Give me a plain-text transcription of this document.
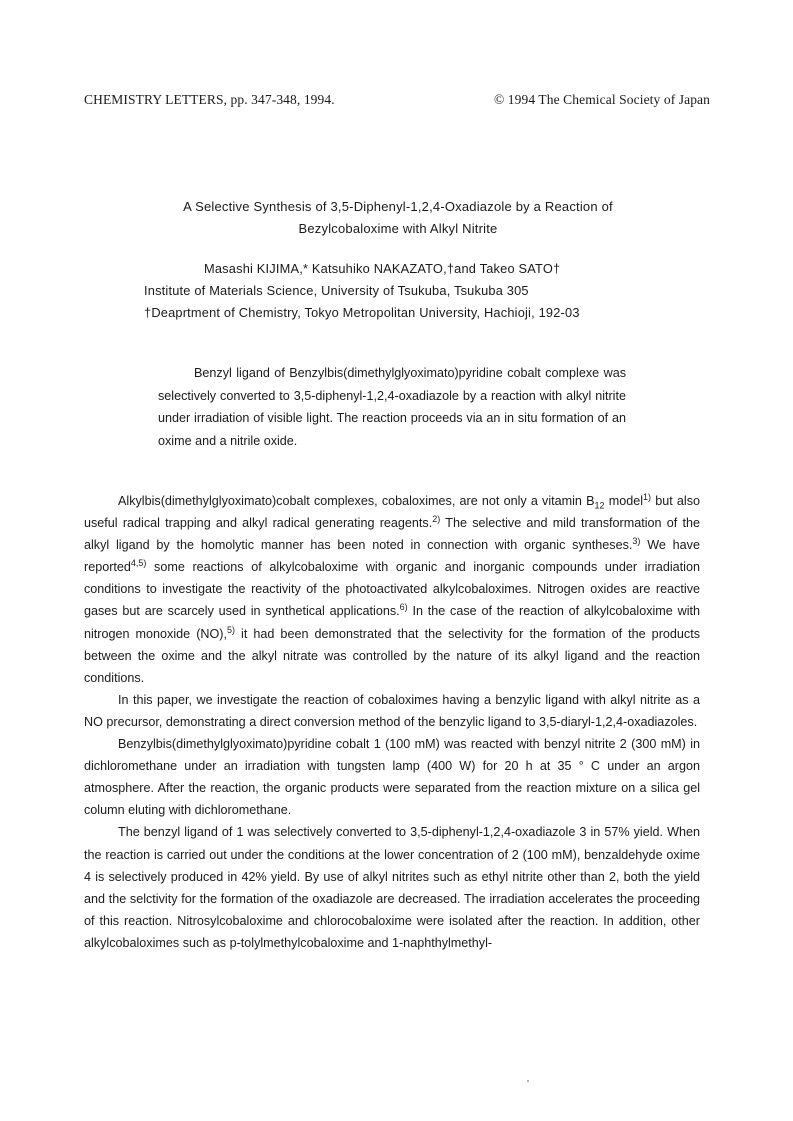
CHEMISTRY LETTERS, pp. 347-348, 1994.	© 1994 The Chemical Society of Japan
A Selective Synthesis of 3,5-Diphenyl-1,2,4-Oxadiazole by a Reaction of
Bezylcobaloxime with Alkyl Nitrite
Masashi KIJIMA,* Katsuhiko NAKAZATO,†and Takeo SATO†
Institute of Materials Science, University of Tsukuba, Tsukuba 305
†Deaprtment of Chemistry, Tokyo Metropolitan University, Hachioji, 192-03

Benzyl ligand of Benzylbis(dimethylglyoximato)pyridine cobalt complexe was selectively converted to 3,5-diphenyl-1,2,4-oxadiazole by a reaction with alkyl nitrite under irradiation of visible light. The reaction proceeds via an in situ formation of an oxime and a nitrile oxide.

Alkylbis(dimethylglyoximato)cobalt complexes, cobaloximes, are not only a vitamin $B_{12}$ model$^{1)}$ but also useful radical trapping and alkyl radical generating reagents.$^{2)}$ The selective and mild transformation of the alkyl ligand by the homolytic manner has been noted in connection with organic syntheses.$^{3)}$ We have reported$^{4,5)}$ some reactions of alkylcobaloxime with organic and inorganic compounds under irradiation conditions to investigate the reactivity of the photoactivated alkylcobaloximes. Nitrogen oxides are reactive gases but are scarcely used in synthetical applications.$^{6)}$ In the case of the reaction of alkylcobaloxime with nitrogen monoxide (NO),$^{5)}$ it had been demonstrated that the selectivity for the formation of the products between the oxime and the alkyl nitrate was controlled by the nature of its alkyl ligand and the reaction conditions.

In this paper, we investigate the reaction of cobaloximes having a benzylic ligand with alkyl nitrite as a NO precursor, demonstrating a direct conversion method of the benzylic ligand to 3,5-diaryl-1,2,4-oxadiazoles.

Benzylbis(dimethylglyoximato)pyridine cobalt 1 (100 mM) was reacted with benzyl nitrite 2 (300 mM) in dichloromethane under an irradiation with tungsten lamp (400 W) for 20 h at 35 ° C under an argon atmosphere. After the reaction, the organic products were separated from the reaction mixture on a silica gel column eluting with dichloromethane.

The benzyl ligand of 1 was selectively converted to 3,5-diphenyl-1,2,4-oxadiazole 3 in 57% yield. When the reaction is carried out under the conditions at the lower concentration of 2 (100 mM), benzaldehyde oxime 4 is selectively produced in 42% yield. By use of alkyl nitrites such as ethyl nitrite other than 2, both the yield and the selctivity for the formation of the oxadiazole are decreased. The irradiation accelerates the proceeding of this reaction. Nitrosylcobaloxime and chlorocobaloxime were isolated after the reaction. In addition, other alkylcobaloximes such as p-tolylmethylcobaloxime and 1-naphthylmethyl-
